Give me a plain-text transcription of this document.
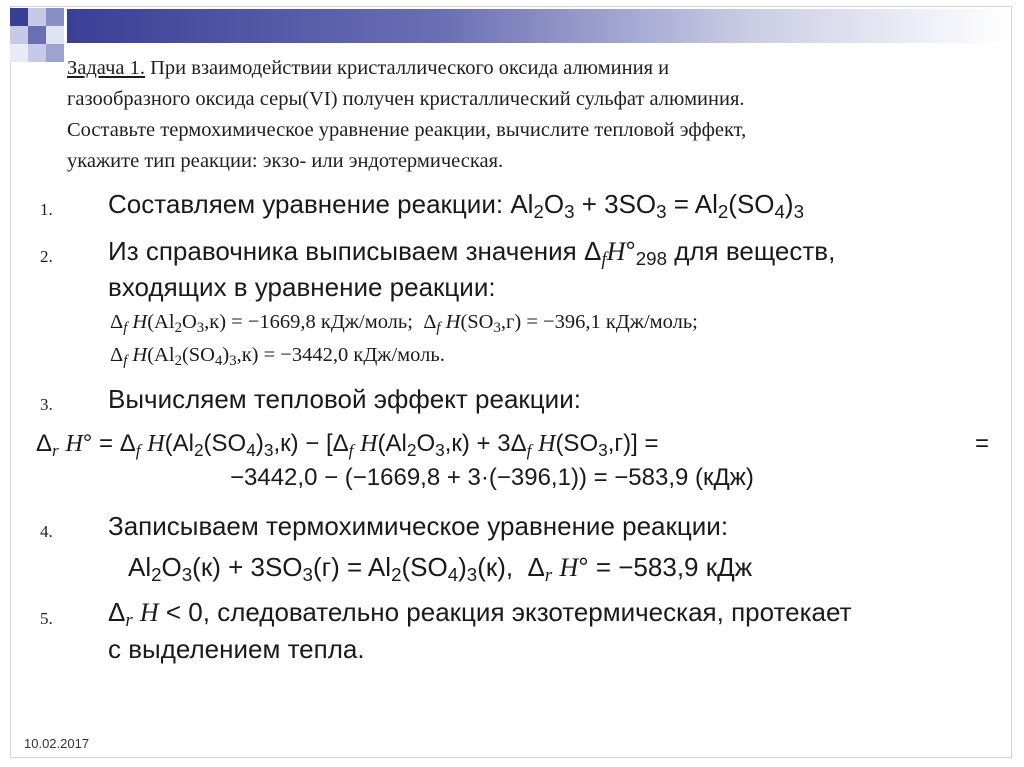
Задача 1. При взаимодействии кристаллического оксида алюминия и
газообразного оксида серы(VI) получен кристаллический сульфат алюминия.
Составьте термохимическое уравнение реакции, вычислите тепловой эффект,
укажите тип реакции: экзо- или эндотермическая.
1. Составляем уравнение реакции: $Al_2O_3 + 3SO_3 = Al_2(SO_4)_3$
2. Из справочника выписываем значения $\Delta_fH^\circ_{298}$ для веществ,
входящих в уравнение реакции:
$\Delta_f$ $H(Al_2O_3,к) = -1669,8$ кДж/моль;  $\Delta_f$ $H(SO_3,г) = -396,1$ кДж/моль;
$\Delta_f$ $H(Al_2(SO_4)_3,к) = -3442,0$ кДж/моль.
3. Вычисляем тепловой эффект реакции:
$\Delta_r$ $H^\circ = \Delta_f$ $H(Al_2(SO_4)_3,к) - [\Delta_f$ $H(Al_2O_3,к) + 3\Delta_f$ $H(SO_3,г)$] =	=
−3442,0 − (−1669,8 + 3·(−396,1)) = −583,9 (кДж)
4. Записываем термохимическое уравнение реакции:
$Al_2O_3(к) + 3SO_3(г) = Al_2(SO_4)_3(к)$,  $\Delta_r$ H° = −583,9 кДж
5. $\Delta_r$ H < 0, следовательно реакция экзотермическая, протекает
с выделением тепла.
10.02.2017
